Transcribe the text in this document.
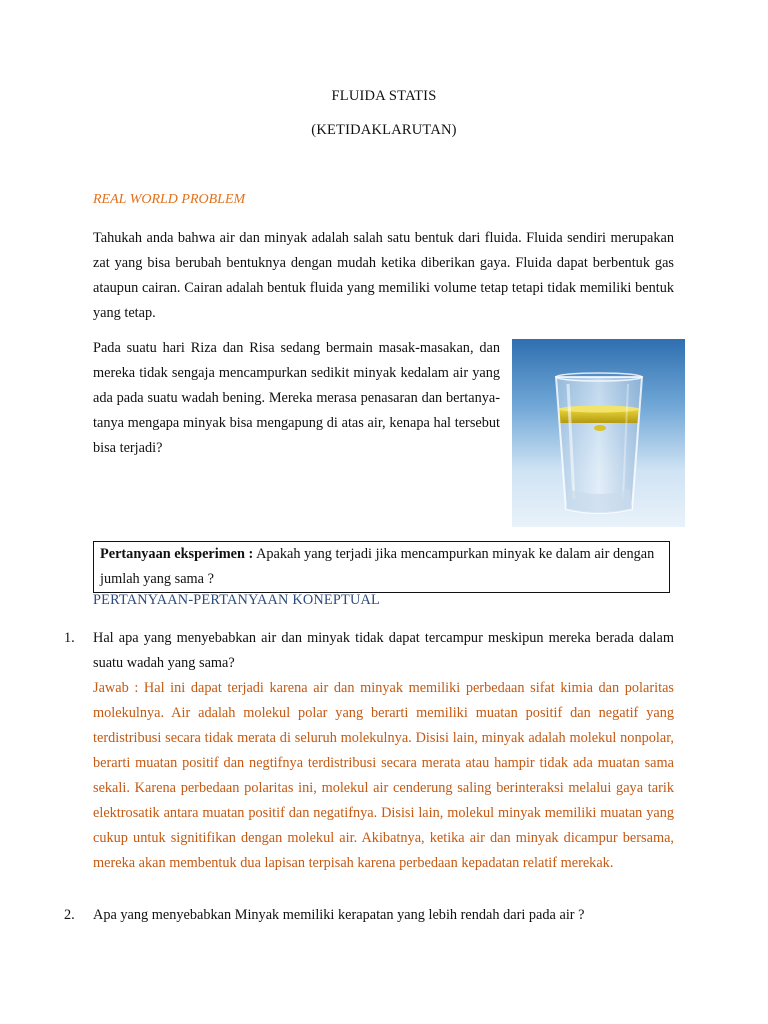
FLUIDA STATIS
(KETIDAKLARUTAN)
REAL WORLD PROBLEM
Tahukah anda bahwa air dan minyak adalah salah satu bentuk dari fluida. Fluida sendiri merupakan zat yang bisa berubah bentuknya dengan mudah ketika diberikan gaya. Fluida dapat berbentuk gas ataupun cairan. Cairan adalah bentuk fluida yang memiliki volume tetap tetapi tidak memiliki bentuk yang tetap.
Pada suatu hari Riza dan Risa sedang bermain masak-masakan, dan mereka tidak sengaja mencampurkan sedikit minyak kedalam air yang ada pada suatu wadah bening. Mereka merasa penasaran dan bertanya-tanya mengapa minyak bisa mengapung di atas air, kenapa hal tersebut bisa terjadi?
Pertanyaan eksperimen : Apakah yang terjadi jika mencampurkan minyak ke dalam air dengan jumlah yang sama ?
PERTANYAAN-PERTANYAAN KONEPTUAL
1. Hal apa yang menyebabkan air dan minyak tidak dapat tercampur meskipun mereka berada dalam suatu wadah yang sama?
Jawab : Hal ini dapat terjadi karena air dan minyak memiliki perbedaan sifat kimia dan polaritas molekulnya. Air adalah molekul polar yang berarti memiliki muatan positif dan negatif yang terdistribusi secara tidak merata di seluruh molekulnya. Disisi lain, minyak adalah molekul nonpolar, berarti muatan positif dan negtifnya terdistribusi secara merata atau hampir tidak ada muatan sama sekali. Karena perbedaan polaritas ini, molekul air cenderung saling berinteraksi melalui gaya tarik elektrosatik antara muatan positif dan negatifnya. Disisi lain, molekul minyak memiliki muatan yang cukup untuk signitifikan dengan molekul air. Akibatnya, ketika air dan minyak dicampur bersama, mereka akan membentuk dua lapisan terpisah karena perbedaan kepadatan relatif merekak.
2. Apa yang menyebabkan Minyak memiliki kerapatan yang lebih rendah dari pada air ?
